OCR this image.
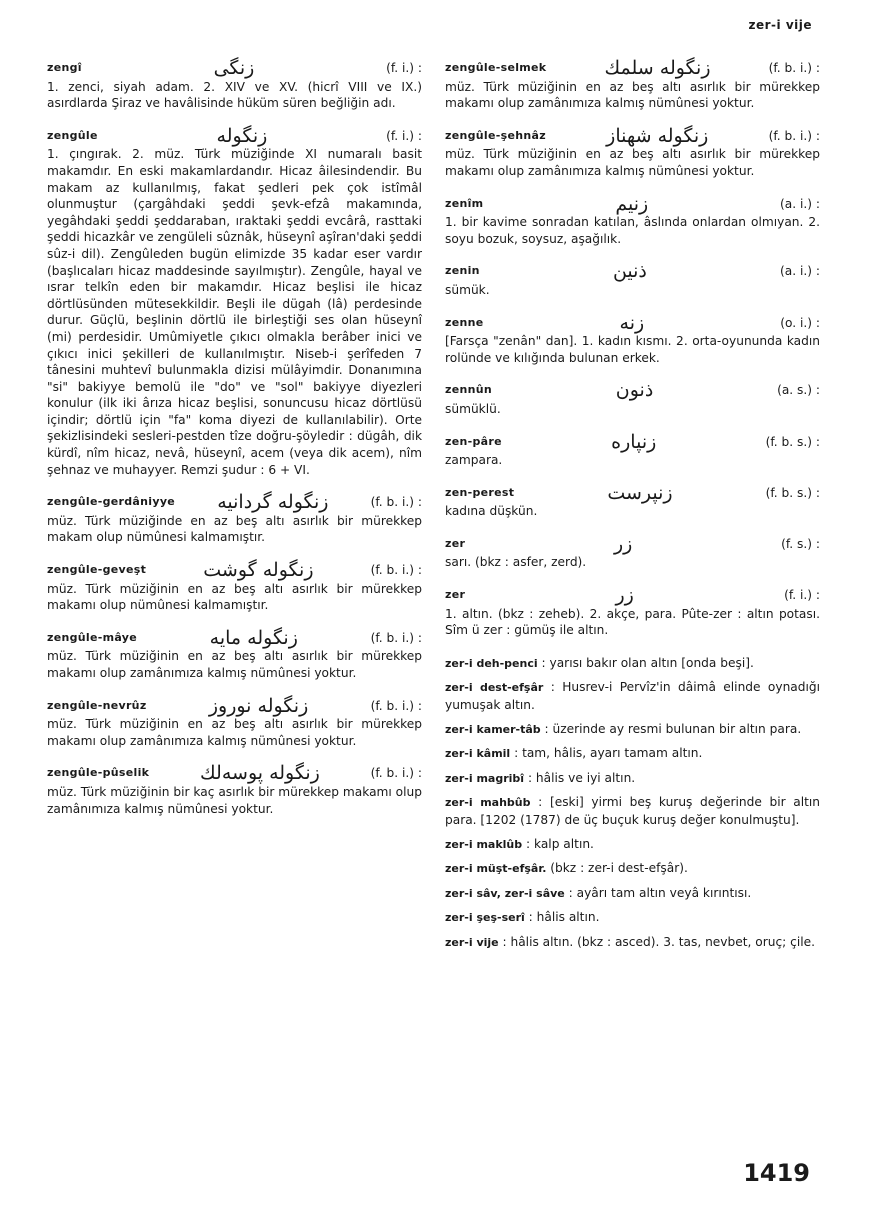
zer-i vije
zengî	زنگی	(f. i.) :
1. zenci, siyah adam. 2. XIV ve XV. (hicrî VIII ve IX.) asırdlarda Şiraz ve havâlisinde hüküm süren beğliğin adı.
zengûle	زنگوله	(f. i.) :
1. çıngırak. 2. müz. Türk müziğinde XI numaralı basit makamdır. En eski makamlardandır. Hicaz âilesindendir. Bu makam az kullanılmış, fakat şedleri pek çok istîmâl olunmuştur (çargâhdaki şeddi şevk-efzâ makamında, yegâhdaki şeddi şeddaraban, ıraktaki şeddi evcârâ, rasttaki şeddi hicazkâr ve zengüleli sûznâk, hüseynî aşîran'daki şeddi sûz-i dil). Zengûleden bugün elimizde 35 kadar eser vardır (başlıcaları hicaz maddesinde sayılmıştır). Zengûle, hayal ve ısrar telkîn eden bir makamdır. Hicaz beşlisi ile hicaz dörtlüsünden mütesekkildir. Beşli ile dügah (lâ) perdesinde durur. Güçlü, beşlinin dörtlü ile birleştiği ses olan hüseynî (mi) perdesidir. Umûmiyetle çıkıcı olmakla berâber inici ve çıkıcı inici şekilleri de kullanılmıştır. Niseb-i şerîfeden 7 tânesini muhtevî bulunmakla dizisi mülâyimdir. Donanımına "si" bakiyye bemolü ile "do" ve "sol" bakiyye diyezleri konulur (ilk iki ârıza hicaz beşlisi, sonuncusu hicaz dörtlüsü içindir; dörtlü için "fa" koma diyezi de kullanılabilir). Orte şekizlisindeki sesleri-pestden tîze doğru-şöyledir : dügâh, dik kürdî, nîm hicaz, nevâ, hüseynî, acem (veya dik acem), nîm şehnaz ve muhayyer. Remzi şudur : 6 + VI.
zengûle-gerdâniyye زنگوله گردانیه	(f. b. i.) :
müz. Türk müziğinde en az beş altı asırlık bir mürekkep makam olup nümûnesi kalmamıştır.
zengûle-geveşt	زنگوله گوشت	(f. b. i.) :
müz. Türk müziğinin en az beş altı asırlık bir mürekkep makamı olup nümûnesi kalmamıştır.
zengûle-mâye	زنگوله مایه	(f. b. i.) :
müz. Türk müziğinin en az beş altı asırlık bir mürekkep makamı olup zamânımıza kalmış nümûnesi yoktur.
zengûle-nevrûz	زنگوله نوروز	(f. b. i.) :
müz. Türk müziğinin en az beş altı asırlık bir mürekkep makamı olup zamânımıza kalmış nümûnesi yoktur.
zengûle-pûselik	زنگوله پوسه‌لك	(f. b. i.) :
müz. Türk müziğinin bir kaç asırlık bir mürekkep makamı olup zamânımıza kalmış nümûnesi yoktur.
zengûle-selmek	زنگوله سلمك	(f. b. i.) :
müz. Türk müziğinin en az beş altı asırlık bir mürekkep makamı olup zamânımıza kalmış nümûnesi yoktur.
zengûle-şehnâz	زنگوله شهناز	(f. b. i.) :
müz. Türk müziğinin en az beş altı asırlık bir mürekkep makamı olup zamânımıza kalmış nümûnesi yoktur.
zenîm	زنیم	(a. i.) :
1. bir kavime sonradan katılan, âslında onlardan olmıyan. 2. soyu bozuk, soysuz, aşağılık.
zenin	ذنین	(a. i.) :
sümük.
zenne	زنه	(o. i.) :
[Farsça "zenân" dan]. 1. kadın kısmı. 2. orta-oyununda kadın rolünde ve kılığında bulunan erkek.
zennûn	ذنون	(a. s.) :
sümüklü.
zen-pâre	زنپاره	(f. b. s.) :
zampara.
zen-perest	زنپرست	(f. b. s.) :
kadına düşkün.
zer	زر	(f. s.) :
sarı. (bkz : asfer, zerd).
zer	زر	(f. i.) :
1. altın. (bkz : zeheb). 2. akçe, para. Pûte-zer : altın potası. Sîm ü zer : gümüş ile altın.
zer-i deh-penci : yarısı bakır olan altın [onda beşi].
zer-i dest-efşâr : Husrev-i Pervîz'in dâimâ elinde oynadığı yumuşak altın.
zer-i kamer-tâb : üzerinde ay resmi bulunan bir altın para.
zer-i kâmil : tam, hâlis, ayarı tamam altın.
zer-i magribî : hâlis ve iyi altın.
zer-i mahbûb : [eski] yirmi beş kuruş değerinde bir altın para. [1202 (1787) de üç buçuk kuruş değer konulmuştu].
zer-i maklûb : kalp altın.
zer-i müşt-efşâr. (bkz : zer-i dest-efşâr).
zer-i sâv, zer-i sâve : ayârı tam altın veyâ kırıntısı.
zer-i şeş-serî : hâlis altın.
zer-i vije : hâlis altın. (bkz : asced). 3. tas, nevbet, oruç; çile.
1419
